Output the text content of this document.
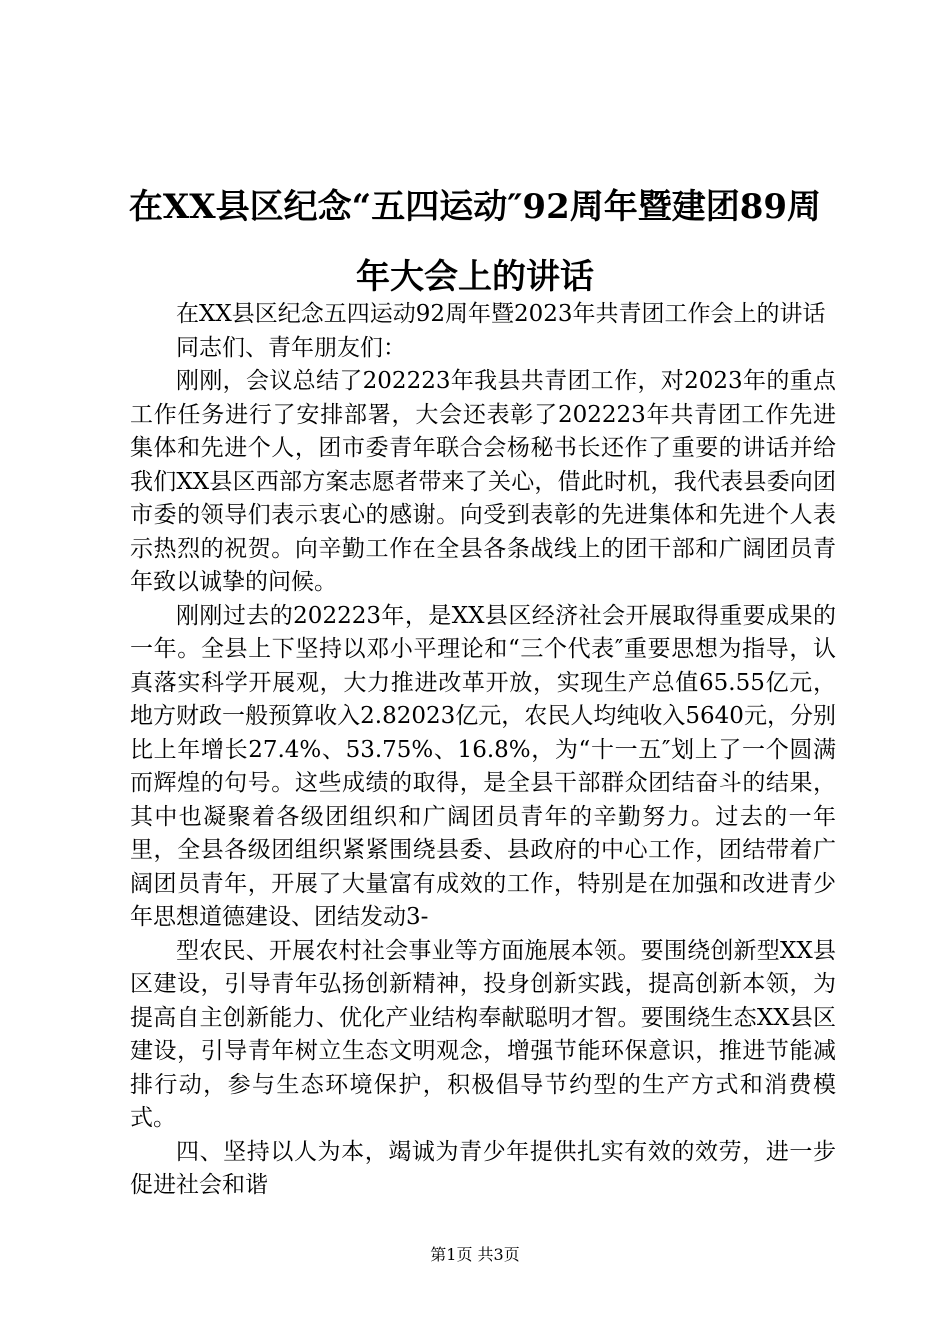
在XX县区纪念“五四运动″92周年暨建团89周年大会上的讲话

在XX县区纪念五四运动92周年暨2023年共青团工作会上的讲话

同志们、青年朋友们：

刚刚，会议总结了202223年我县共青团工作，对2023年的重点工作任务进行了安排部署，大会还表彰了202223年共青团工作先进集体和先进个人，团市委青年联合会杨秘书长还作了重要的讲话并给我们XX县区西部方案志愿者带来了关心，借此时机，我代表县委向团市委的领导们表示衷心的感谢。向受到表彰的先进集体和先进个人表示热烈的祝贺。向辛勤工作在全县各条战线上的团干部和广阔团员青年致以诚挚的问候。

刚刚过去的202223年，是XX县区经济社会开展取得重要成果的一年。全县上下坚持以邓小平理论和“三个代表″重要思想为指导，认真落实科学开展观，大力推进改革开放，实现生产总值65.55亿元，地方财政一般预算收入2.82023亿元，农民人均纯收入5640元，分别比上年增长27.4%、53.75%、16.8%，为“十一五″划上了一个圆满而辉煌的句号。这些成绩的取得，是全县干部群众团结奋斗的结果，其中也凝聚着各级团组织和广阔团员青年的辛勤努力。过去的一年里，全县各级团组织紧紧围绕县委、县政府的中心工作，团结带着广阔团员青年，开展了大量富有成效的工作，特别是在加强和改进青少年思想道德建设、团结发动3-

型农民、开展农村社会事业等方面施展本领。要围绕创新型XX县区建设，引导青年弘扬创新精神，投身创新实践，提高创新本领，为提高自主创新能力、优化产业结构奉献聪明才智。要围绕生态XX县区建设，引导青年树立生态文明观念，增强节能环保意识，推进节能减排行动，参与生态环境保护，积极倡导节约型的生产方式和消费模式。

四、坚持以人为本，竭诚为青少年提供扎实有效的效劳，进一步促进社会和谐

第1页 共3页
